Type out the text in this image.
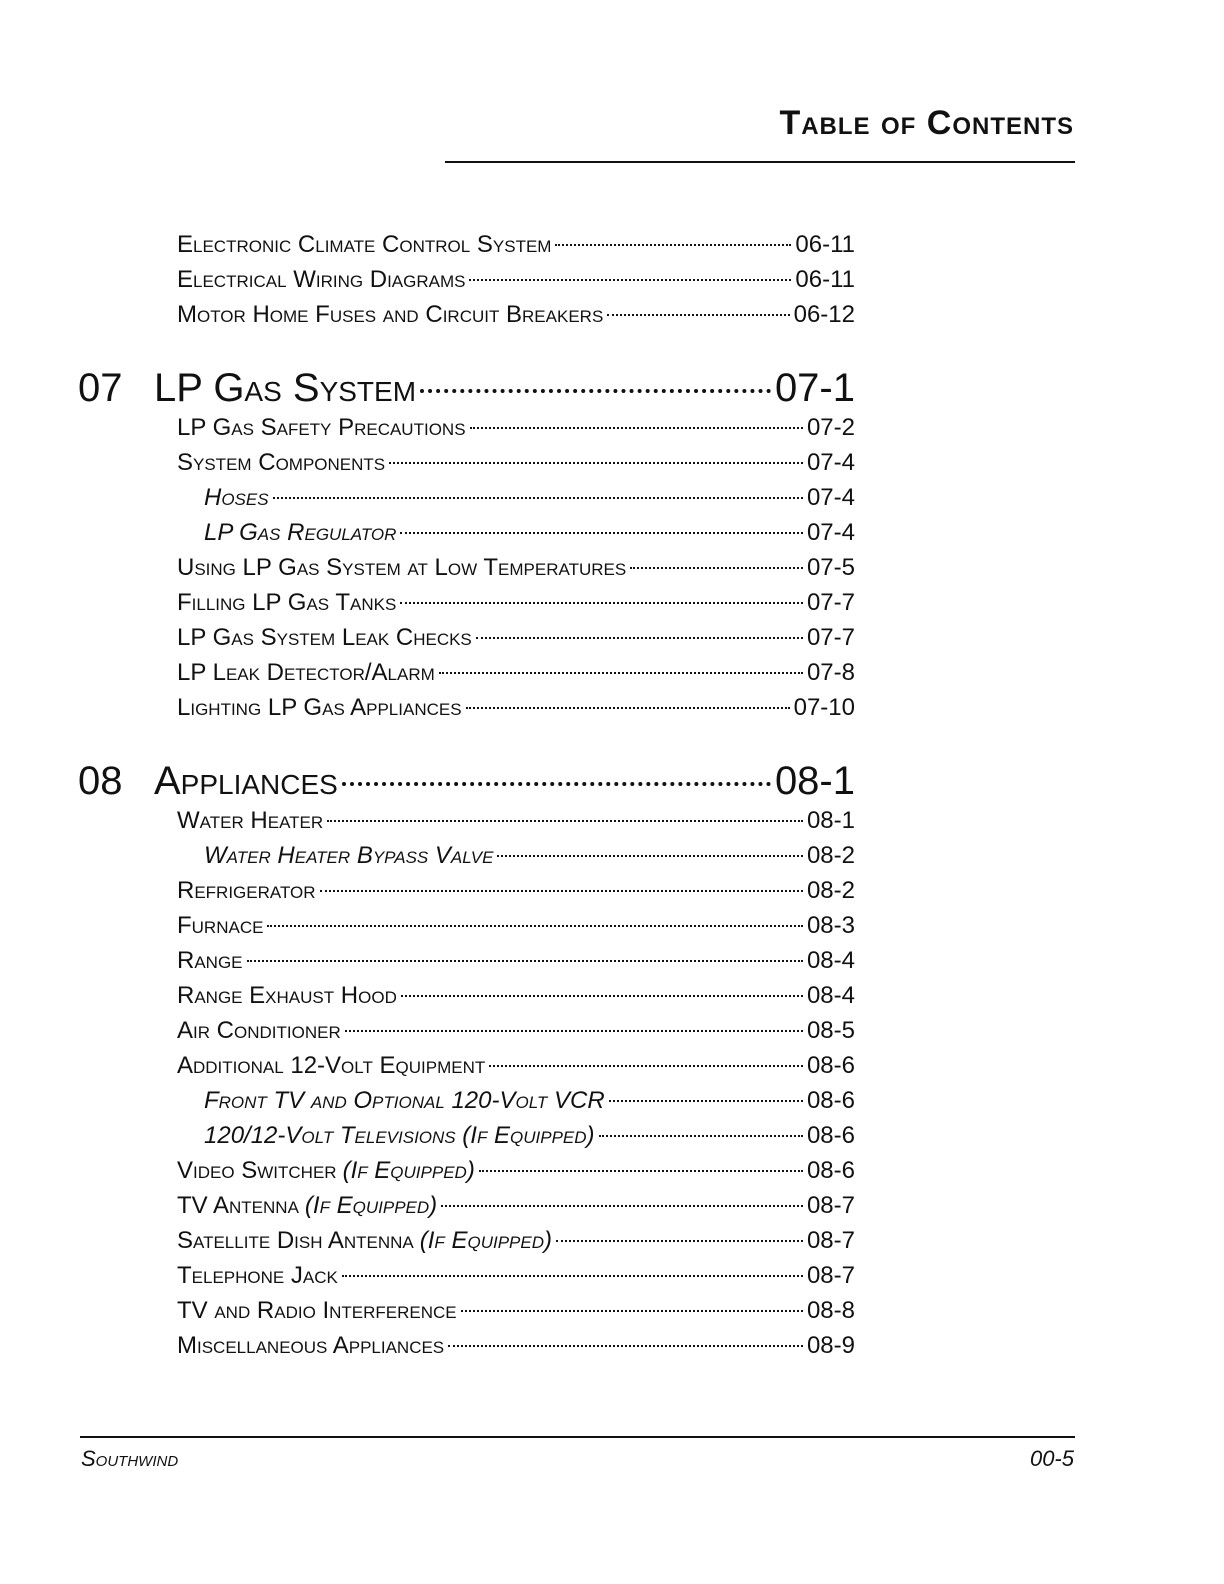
Table of Contents
Electronic Climate Control System	06-11
Electrical Wiring Diagrams	06-11
Motor Home Fuses and Circuit Breakers	06-12
07 LP Gas System	07-1
LP Gas Safety Precautions	07-2
System Components	07-4
Hoses	07-4
LP Gas Regulator	07-4
Using LP Gas System at Low Temperatures	07-5
Filling LP Gas Tanks	07-7
LP Gas System Leak Checks	07-7
LP Leak Detector/Alarm	07-8
Lighting LP Gas Appliances	07-10
08 Appliances	08-1
Water Heater	08-1
Water Heater Bypass Valve	08-2
Refrigerator	08-2
Furnace	08-3
Range	08-4
Range Exhaust Hood	08-4
Air Conditioner	08-5
Additional 12-Volt Equipment	08-6
Front TV and Optional 120-Volt VCR	08-6
120/12-Volt Televisions (If Equipped)	08-6
Video Switcher (If Equipped)	08-6
TV Antenna (If Equipped)	08-7
Satellite Dish Antenna (If Equipped)	08-7
Telephone Jack	08-7
TV and Radio Interference	08-8
Miscellaneous Appliances	08-9
Southwind	00-5
